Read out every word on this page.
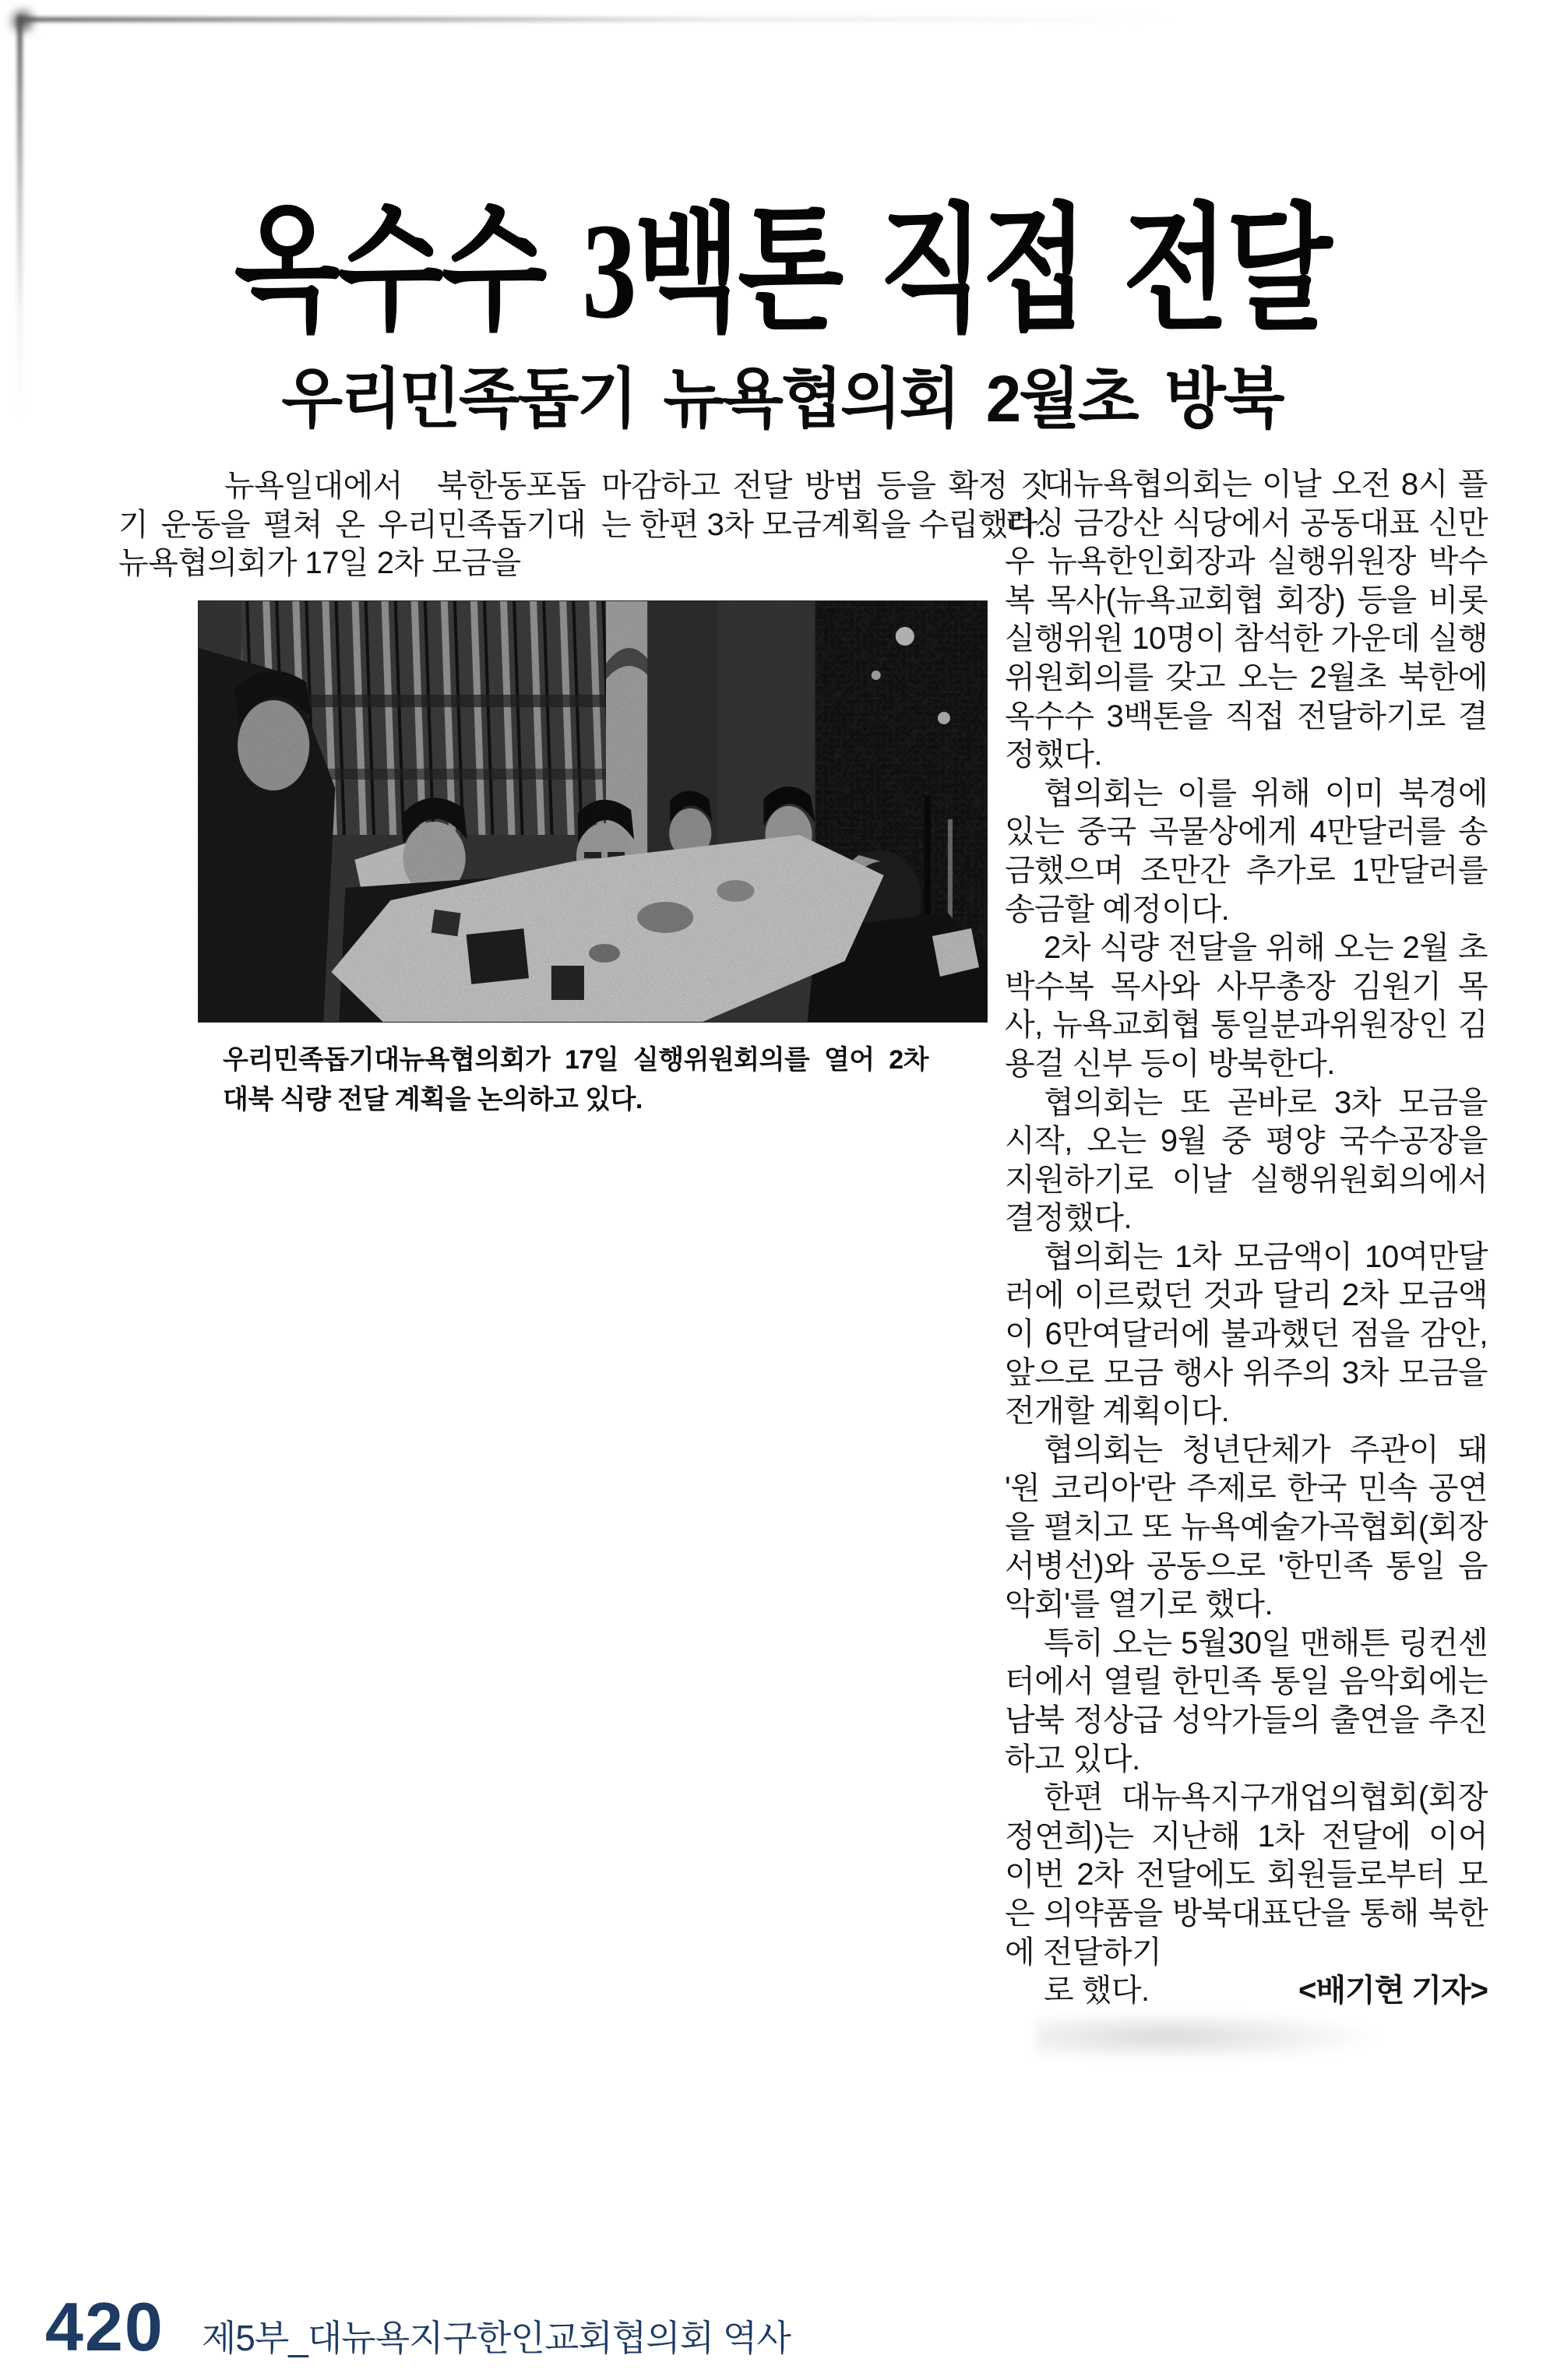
옥수수 3백톤 직접 전달
우리민족돕기 뉴욕협의회 2월초 방북

뉴욕일대에서 북한동포돕기 운동을 펼쳐 온 우리민족돕기대 뉴욕협의회가 17일 2차 모금을

마감하고 전달 방법 등을 확정 짓는 한편 3차 모금계획을 수립했다.

우리민족돕기대뉴욕협의회가 17일 실행위원회의를 열어 2차 대북 식량 전달 계획을 논의하고 있다.

대뉴욕협의회는 이날 오전 8시 플러싱 금강산 식당에서 공동대표 신만우 뉴욕한인회장과 실행위원장 박수복 목사(뉴욕교회협 회장) 등을 비롯 실행위원 10명이 참석한 가운데 실행위원회의를 갖고 오는 2월초 북한에 옥수수 3백톤을 직접 전달하기로 결정했다.

협의회는 이를 위해 이미 북경에 있는 중국 곡물상에게 4만달러를 송금했으며 조만간 추가로 1만달러를 송금할 예정이다.

2차 식량 전달을 위해 오는 2월 초 박수복 목사와 사무총장 김원기 목사, 뉴욕교회협 통일분과위원장인 김용걸 신부 등이 방북한다.

협의회는 또 곧바로 3차 모금을 시작, 오는 9월 중 평양 국수공장을 지원하기로 이날 실행위원회의에서 결정했다.

협의회는 1차 모금액이 10여만달러에 이르렀던 것과 달리 2차 모금액이 6만여달러에 불과했던 점을 감안, 앞으로 모금 행사 위주의 3차 모금을 전개할 계획이다.

협의회는 청년단체가 주관이 돼 '원 코리아'란 주제로 한국 민속 공연을 펼치고 또 뉴욕예술가곡협회(회장 서병선)와 공동으로 '한민족 통일 음악회'를 열기로 했다.

특히 오는 5월30일 맨해튼 링컨센터에서 열릴 한민족 통일 음악회에는 남북 정상급 성악가들의 출연을 추진하고 있다.

한편 대뉴욕지구개업의협회(회장 정연희)는 지난해 1차 전달에 이어 이번 2차 전달에도 회원들로부터 모은 의약품을 방북대표단을 통해 북한에 전달하기

로 했다.	<배기현 기자>

420 제5부_대뉴욕지구한인교회협의회 역사
